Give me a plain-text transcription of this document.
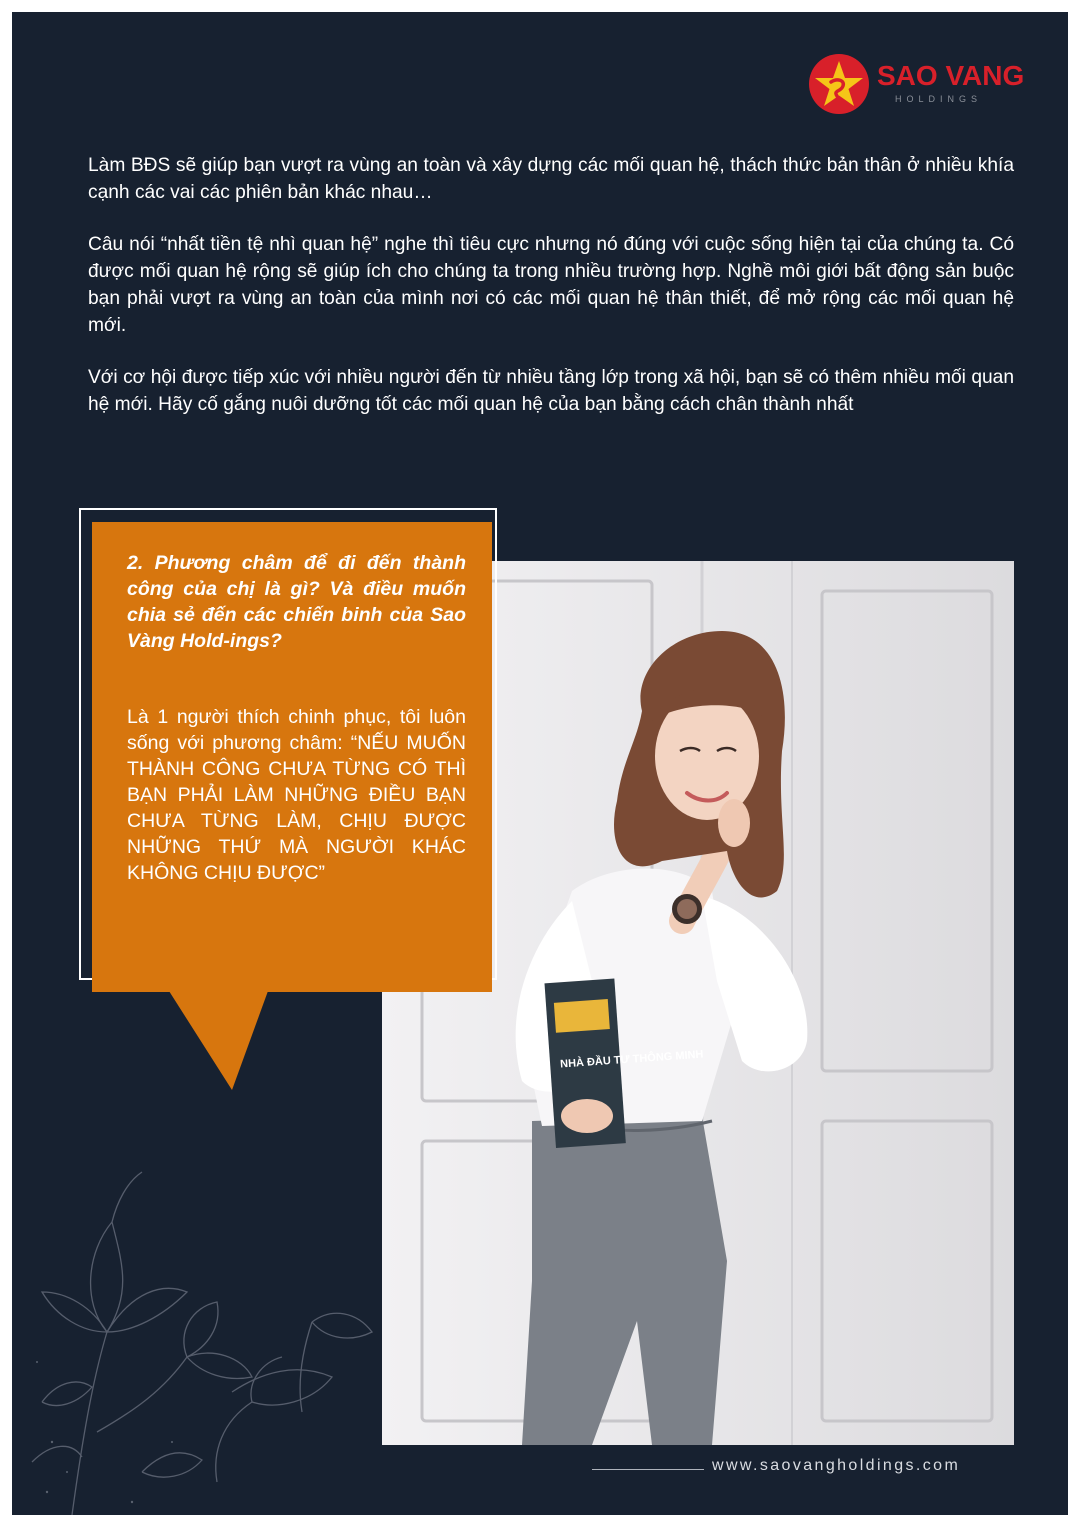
SAO VANG
HOLDINGS

Làm BĐS sẽ giúp bạn vượt ra vùng an toàn và xây dựng các mối quan hệ, thách thức bản thân ở nhiều khía cạnh các vai các phiên bản khác nhau…

Câu nói “nhất tiền tệ nhì quan hệ” nghe thì tiêu cực nhưng nó đúng với cuộc sống hiện tại của chúng ta. Có được mối quan hệ rộng sẽ giúp ích cho chúng ta trong nhiều trường hợp. Nghề môi giới bất động sản buộc bạn phải vượt ra vùng an toàn của mình nơi có các mối quan hệ thân thiết, để mở rộng các mối quan hệ mới.

Với cơ hội được tiếp xúc với nhiều người đến từ nhiều tầng lớp trong xã hội, bạn sẽ có thêm nhiều mối quan hệ mới. Hãy cố gắng nuôi dưỡng tốt các mối quan hệ của bạn bằng cách chân thành nhất

NHÀ ĐẦU TƯ THÔNG MINH

2. Phương châm để đi đến thành công của chị là gì? Và điều muốn chia sẻ đến các chiến binh của Sao Vàng Hold-ings?

Là 1 người thích chinh phục, tôi luôn sống với phương châm: “NẾU MUỐN THÀNH CÔNG CHƯA TỪNG CÓ THÌ BẠN PHẢI LÀM NHỮNG ĐIỀU BẠN CHƯA TỪNG LÀM, CHỊU ĐƯỢC NHỮNG THỨ MÀ NGƯỜI KHÁC KHÔNG CHỊU ĐƯỢC”

www.saovangholdings.com
